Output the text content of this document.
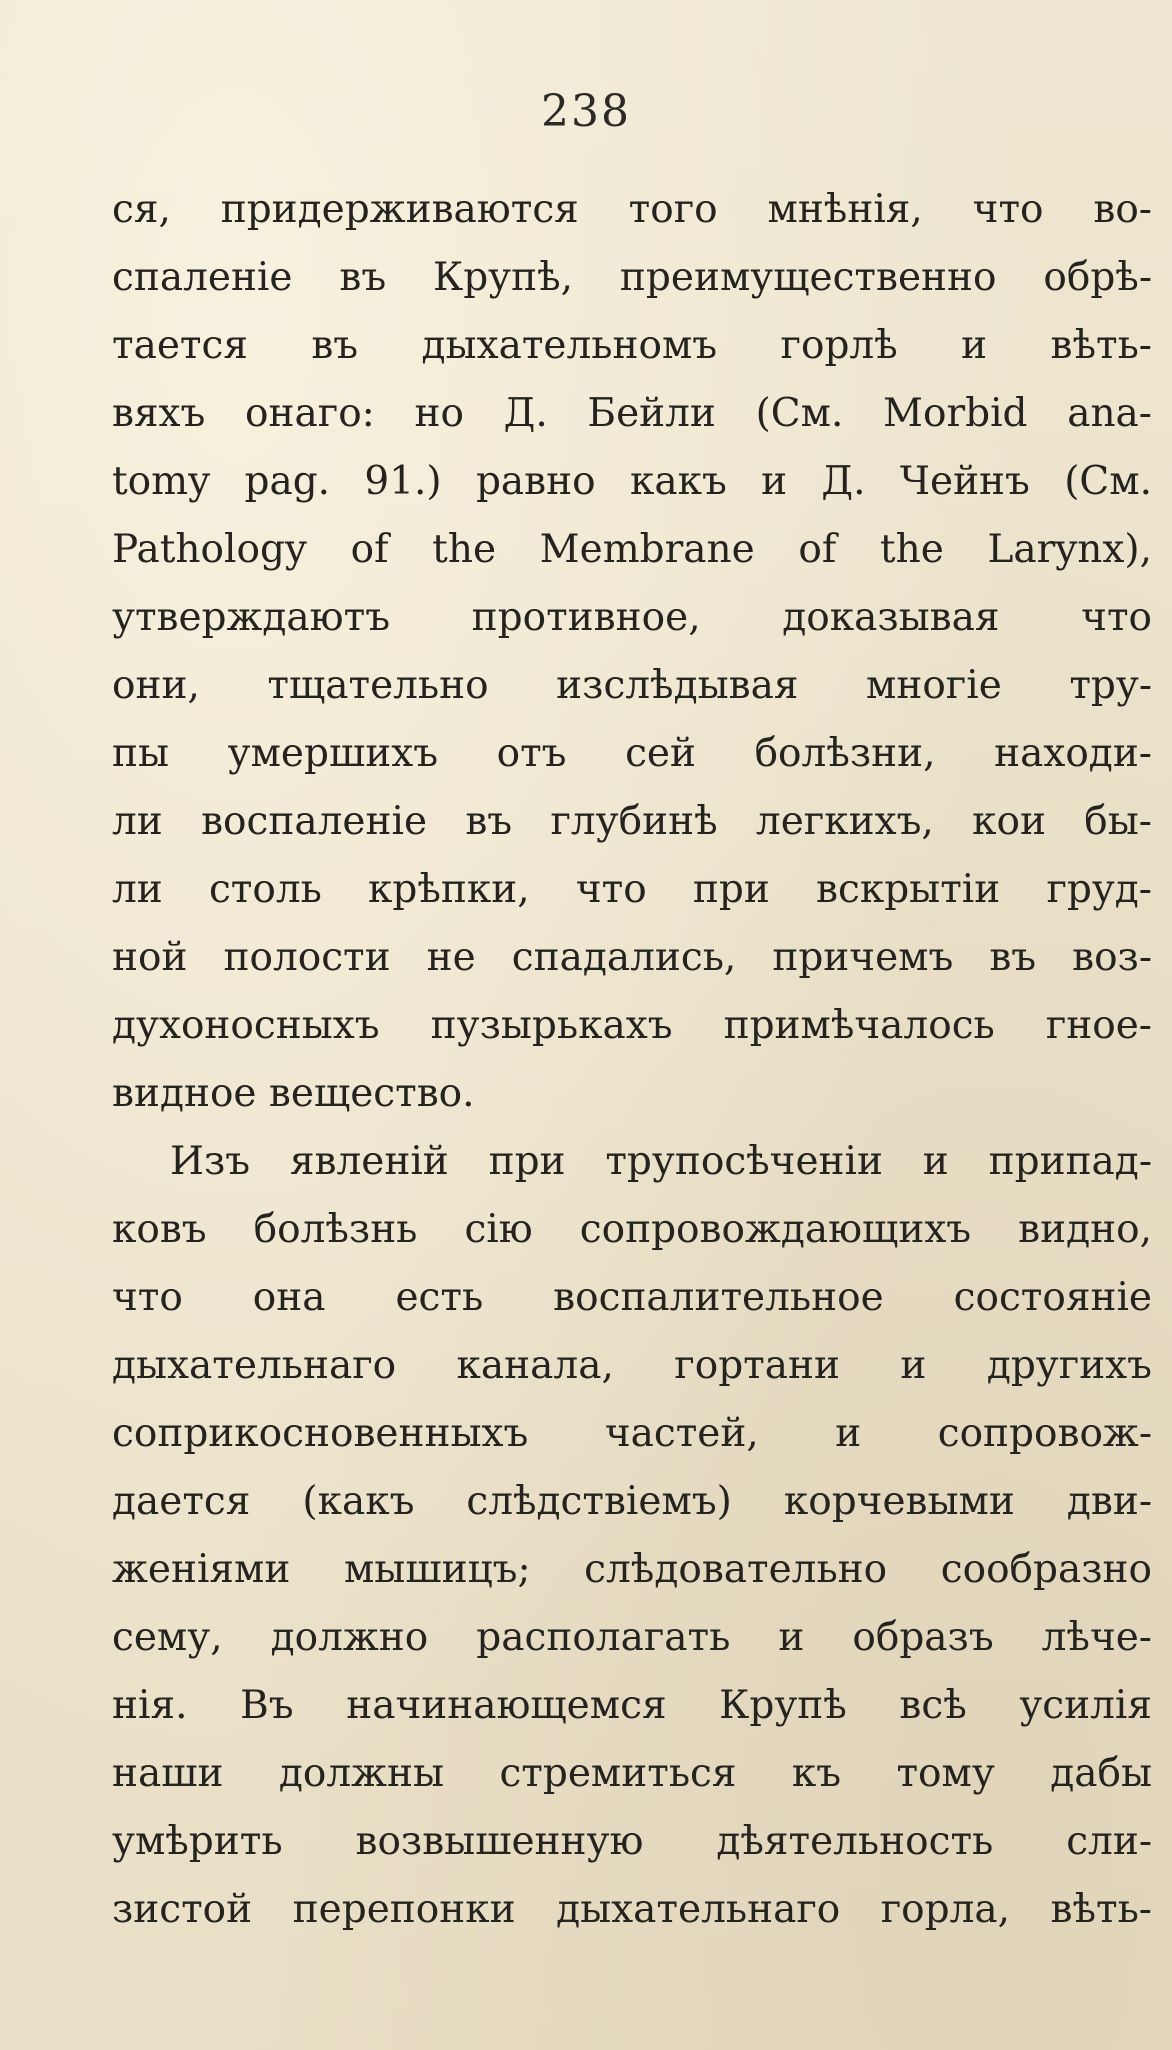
238
ся, придерживаются того мнѣнія, что во-
спаленіе въ Крупѣ, преимущественно обрѣ-
тается въ дыхательномъ горлѣ и вѣть-
вяхъ онаго: но Д. Бейли (См. Morbid ana-
tomy pag. 91.) равно какъ и Д. Чейнъ (См.
Pathology of the Membrane of the Larynx),
утверждаютъ противное, доказывая что
они, тщательно изслѣдывая многіе тру-
пы умершихъ отъ сей болѣзни, находи-
ли воспаленіе въ глубинѣ легкихъ, кои бы-
ли столь крѣпки, что при вскрытіи груд-
ной полости не спадались, причемъ въ воз-
духоносныхъ пузырькахъ примѣчалось гное-
видное вещество.
Изъ явленій при трупосѣченіи и припад-
ковъ болѣзнь сію сопровождающихъ видно,
что она есть воспалительное состояніе
дыхательнаго канала, гортани и другихъ
соприкосновенныхъ частей, и сопровож-
дается (какъ слѣдствіемъ) корчевыми дви-
женіями мышицъ; слѣдовательно сообразно
сему, должно располагать и образъ лѣче-
нія. Въ начинающемся Крупѣ всѣ усилія
наши должны стремиться къ тому дабы
умѣрить возвышенную дѣятельность сли-
зистой перепонки дыхательнаго горла, вѣть-
